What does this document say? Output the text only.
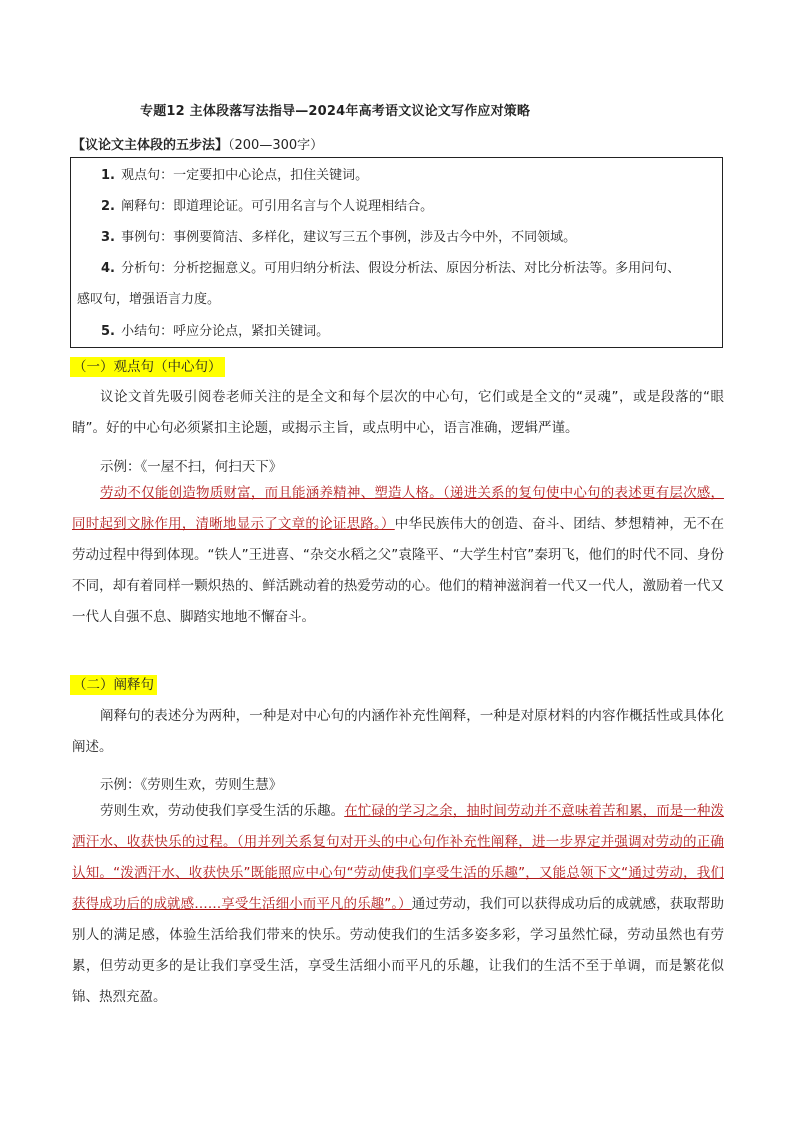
专题12 主体段落写法指导—2024年高考语文议论文写作应对策略
【议论文主体段的五步法】（200—300字）
1. 观点句：一定要扣中心论点，扣住关键词。
2. 阐释句：即道理论证。可引用名言与个人说理相结合。
3. 事例句：事例要简洁、多样化，建议写三五个事例，涉及古今中外，不同领域。
4. 分析句：分析挖掘意义。可用归纳分析法、假设分析法、原因分析法、对比分析法等。多用问句、
感叹句，增强语言力度。
5. 小结句：呼应分论点，紧扣关键词。
（一）观点句（中心句）

议论文首先吸引阅卷老师关注的是全文和每个层次的中心句，它们或是全文的“灵魂”，或是段落的“眼睛”。好的中心句必须紧扣主论题，或揭示主旨，或点明中心，语言准确，逻辑严谨。

示例：《一屋不扫，何扫天下》

劳动不仅能创造物质财富，而且能涵养精神、塑造人格。（递进关系的复句使中心句的表述更有层次感，同时起到文脉作用，清晰地显示了文章的论证思路。）中华民族伟大的创造、奋斗、团结、梦想精神，无不在劳动过程中得到体现。“铁人”王进喜、“杂交水稻之父”袁隆平、“大学生村官”秦玥飞，他们的时代不同、身份不同，却有着同样一颗炽热的、鲜活跳动着的热爱劳动的心。他们的精神滋润着一代又一代人，激励着一代又一代人自强不息、脚踏实地地不懈奋斗。

（二）阐释句

阐释句的表述分为两种，一种是对中心句的内涵作补充性阐释，一种是对原材料的内容作概括性或具体化阐述。

示例：《劳则生欢，劳则生慧》

劳则生欢，劳动使我们享受生活的乐趣。在忙碌的学习之余，抽时间劳动并不意味着苦和累，而是一种泼洒汗水、收获快乐的过程。（用并列关系复句对开头的中心句作补充性阐释，进一步界定并强调对劳动的正确认知。“泼洒汗水、收获快乐”既能照应中心句“劳动使我们享受生活的乐趣”，又能总领下文“通过劳动，我们获得成功后的成就感……享受生活细小而平凡的乐趣”。）通过劳动，我们可以获得成功后的成就感，获取帮助别人的满足感，体验生活给我们带来的快乐。劳动使我们的生活多姿多彩，学习虽然忙碌，劳动虽然也有劳累，但劳动更多的是让我们享受生活，享受生活细小而平凡的乐趣，让我们的生活不至于单调，而是繁花似锦、热烈充盈。
